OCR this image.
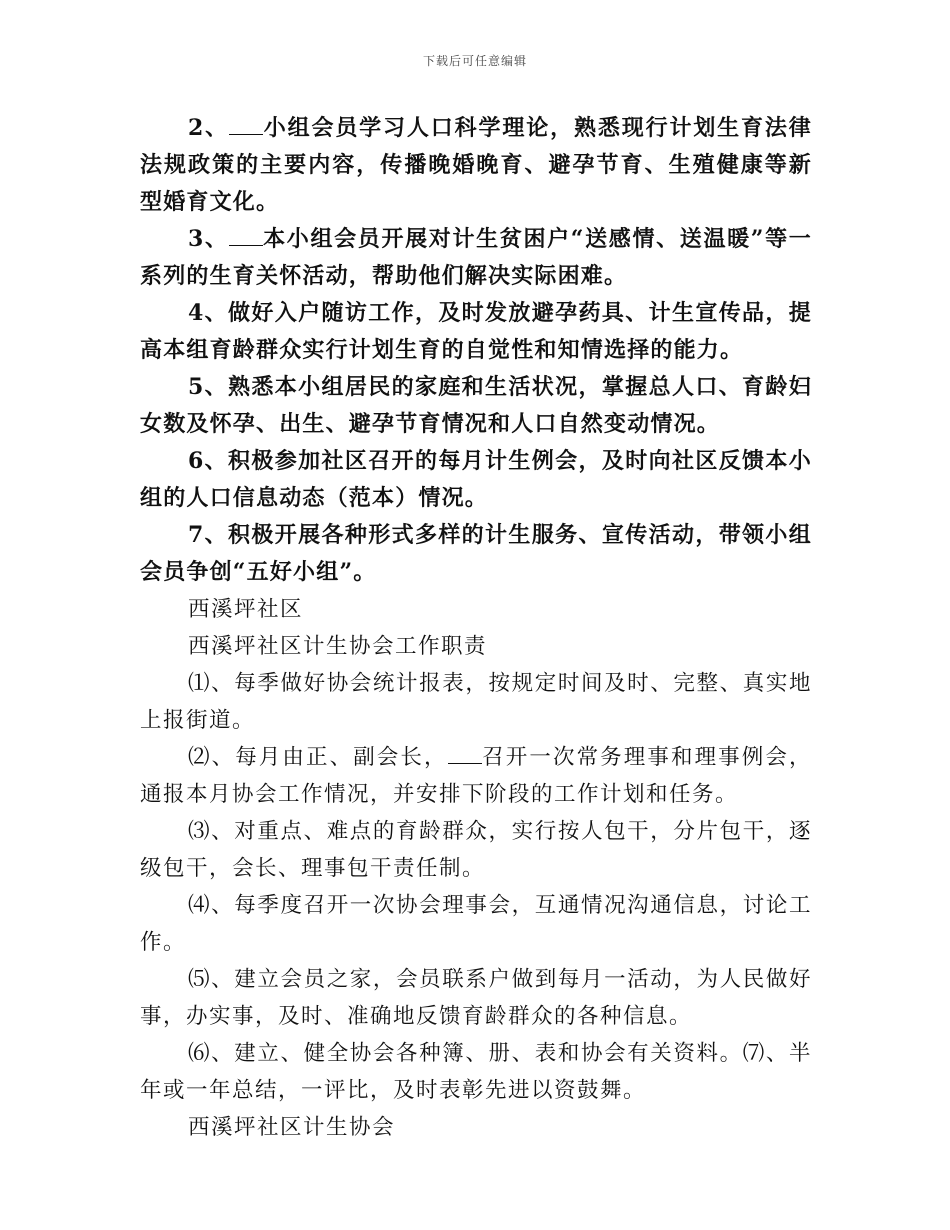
下载后可任意编辑

2、 小组会员学习人口科学理论，熟悉现行计划生育法律法规政策的主要内容，传播晚婚晚育、避孕节育、生殖健康等新型婚育文化。

3、 本小组会员开展对计生贫困户“送感情、送温暖”等一系列的生育关怀活动，帮助他们解决实际困难。

4、做好入户随访工作，及时发放避孕药具、计生宣传品，提高本组育龄群众实行计划生育的自觉性和知情选择的能力。

5、熟悉本小组居民的家庭和生活状况，掌握总人口、育龄妇女数及怀孕、出生、避孕节育情况和人口自然变动情况。

6、积极参加社区召开的每月计生例会，及时向社区反馈本小组的人口信息动态（范本）情况。

7、积极开展各种形式多样的计生服务、宣传活动，带领小组会员争创“五好小组”。

西溪坪社区

西溪坪社区计生协会工作职责

⑴、每季做好协会统计报表，按规定时间及时、完整、真实地上报街道。

⑵、每月由正、副会长， 召开一次常务理事和理事例会，通报本月协会工作情况，并安排下阶段的工作计划和任务。

⑶、对重点、难点的育龄群众，实行按人包干，分片包干，逐级包干，会长、理事包干责任制。

⑷、每季度召开一次协会理事会，互通情况沟通信息，讨论工作。

⑸、建立会员之家，会员联系户做到每月一活动，为人民做好事，办实事，及时、准确地反馈育龄群众的各种信息。

⑹、建立、健全协会各种簿、册、表和协会有关资料。⑺、半年或一年总结，一评比，及时表彰先进以资鼓舞。

西溪坪社区计生协会
